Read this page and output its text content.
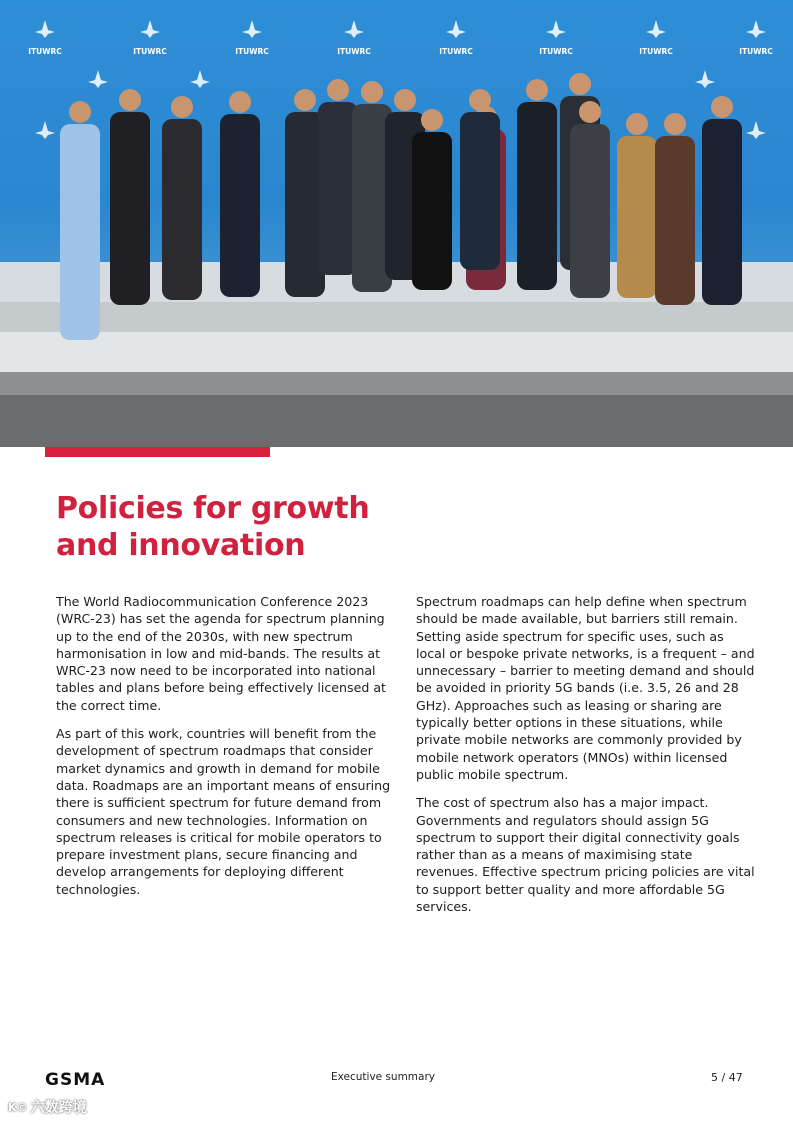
ITUWRC	ITUWRC	ITUWRC	ITUWRC	ITUWRC	ITUWRC	ITUWRC	ITUWRC
Policies for growth
and innovation

The World Radiocommunication Conference 2023 (WRC-23) has set the agenda for spectrum planning up to the end of the 2030s, with new spectrum harmonisation in low and mid-bands. The results at WRC-23 now need to be incorporated into national tables and plans before being effectively licensed at the correct time.

As part of this work, countries will benefit from the development of spectrum roadmaps that consider market dynamics and growth in demand for mobile data. Roadmaps are an important means of ensuring there is sufficient spectrum for future demand from consumers and new technologies. Information on spectrum releases is critical for mobile operators to prepare investment plans, secure financing and develop arrangements for deploying different technologies.

Spectrum roadmaps can help define when spectrum should be made available, but barriers still remain. Setting aside spectrum for specific uses, such as local or bespoke private networks, is a frequent – and unnecessary – barrier to meeting demand and should be avoided in priority 5G bands (i.e. 3.5, 26 and 28 GHz). Approaches such as leasing or sharing are typically better options in these situations, while private mobile networks are commonly provided by mobile network operators (MNOs) within licensed public mobile spectrum.

The cost of spectrum also has a major impact. Governments and regulators should assign 5G spectrum to support their digital connectivity goals rather than as a means of maximising state revenues. Effective spectrum pricing policies are vital to support better quality and more affordable 5G services.

GSMA	Executive summary	5 / 47
K© 六数跨境
